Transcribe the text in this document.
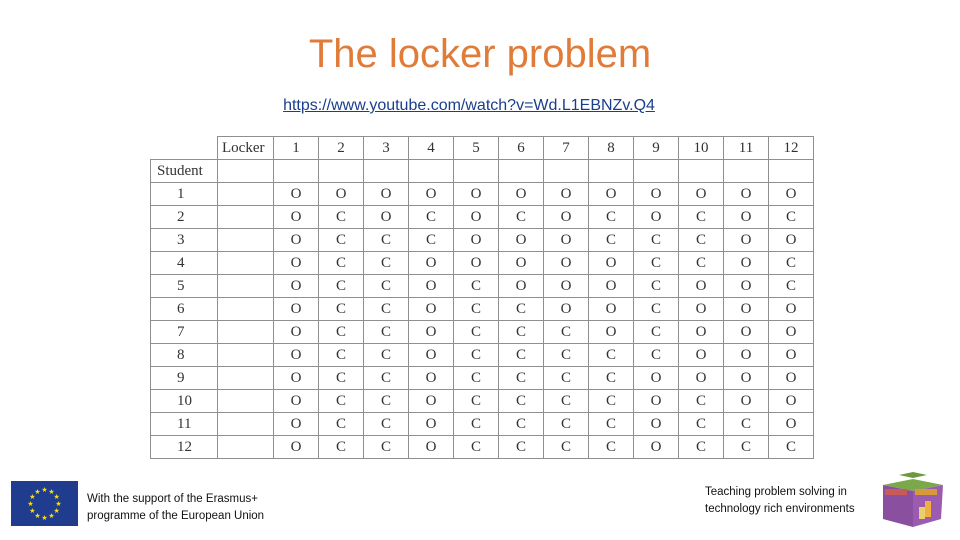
The locker problem
https://www.youtube.com/watch?v=Wd.L1EBNZv.Q4
	Locker	1	2	3	4	5	6	7	8	9	10	11	12
Student													
1		O	O	O	O	O	O	O	O	O	O	O	O
2		O	C	O	C	O	C	O	C	O	C	O	C
3		O	C	C	C	O	O	O	C	C	C	O	O
4		O	C	C	O	O	O	O	O	C	C	O	C
5		O	C	C	O	C	O	O	O	C	O	O	C
6		O	C	C	O	C	C	O	O	C	O	O	O
7		O	C	C	O	C	C	C	O	C	O	O	O
8		O	C	C	O	C	C	C	C	C	O	O	O
9		O	C	C	O	C	C	C	C	O	O	O	O
10		O	C	C	O	C	C	C	C	O	C	O	O
11		O	C	C	O	C	C	C	C	O	C	C	O
12		O	C	C	O	C	C	C	C	O	C	C	C
★ ★
★
★
★
★
★
★
★
★
★
★
With the support of the Erasmus+
programme of the European Union
Teaching problem solving in
technology rich environments
